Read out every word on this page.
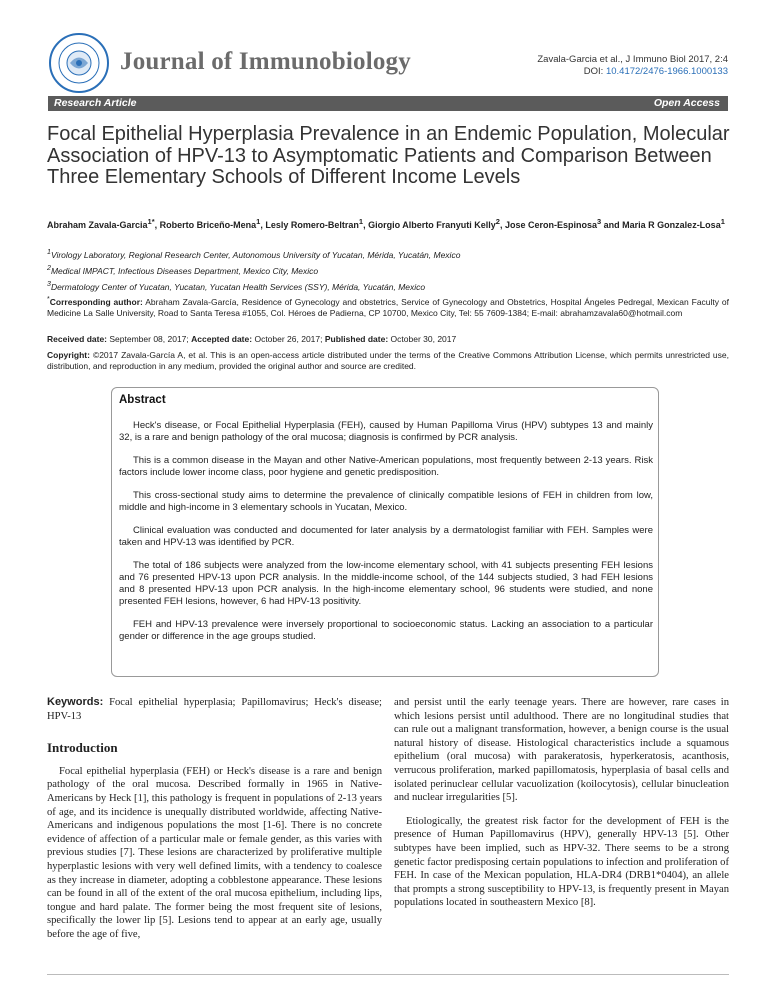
Journal of Immunobiology	Zavala-Garcia et al., J Immuno Biol 2017, 2:4
DOI: 10.4172/2476-1966.1000133
Research Article	Open Access
Focal Epithelial Hyperplasia Prevalence in an Endemic Population, Molecular Association of HPV-13 to Asymptomatic Patients and Comparison Between Three Elementary Schools of Different Income Levels
Abraham Zavala-Garcia$^{1*}$, Roberto Briceño-Mena$^1$, Lesly Romero-Beltran$^1$, Giorgio Alberto Franyuti Kelly$^2$, Jose Ceron-Espinosa$^3$ and Maria R Gonzalez-Losa$^1$
$^1$Virology Laboratory, Regional Research Center, Autonomous University of Yucatan, Mérida, Yucatán, Mexico
$^2$Medical IMPACT, Infectious Diseases Department, Mexico City, Mexico
$^3$Dermatology Center of Yucatan, Yucatan, Yucatan Health Services (SSY), Mérida, Yucatán, Mexico
*Corresponding author: Abraham Zavala-García, Residence of Gynecology and obstetrics, Service of Gynecology and Obstetrics, Hospital Ángeles Pedregal, Mexican Faculty of Medicine La Salle University, Road to Santa Teresa #1055, Col. Héroes de Padierna, CP 10700, Mexico City, Tel: 55 7609-1384; E-mail: abrahamzavala60@hotmail.com
Received date: September 08, 2017; Accepted date: October 26, 2017; Published date: October 30, 2017
Copyright: ©2017 Zavala-García A, et al. This is an open-access article distributed under the terms of the Creative Commons Attribution License, which permits unrestricted use, distribution, and reproduction in any medium, provided the original author and source are credited.
Abstract

Heck's disease, or Focal Epithelial Hyperplasia (FEH), caused by Human Papilloma Virus (HPV) subtypes 13 and mainly 32, is a rare and benign pathology of the oral mucosa; diagnosis is confirmed by PCR analysis.

This is a common disease in the Mayan and other Native-American populations, most frequently between 2-13 years. Risk factors include lower income class, poor hygiene and genetic predisposition.

This cross-sectional study aims to determine the prevalence of clinically compatible lesions of FEH in children from low, middle and high-income in 3 elementary schools in Yucatan, Mexico.

Clinical evaluation was conducted and documented for later analysis by a dermatologist familiar with FEH. Samples were taken and HPV-13 was identified by PCR.

The total of 186 subjects were analyzed from the low-income elementary school, with 41 subjects presenting FEH lesions and 76 presented HPV-13 upon PCR analysis. In the middle-income school, of the 144 subjects studied, 3 had FEH lesions and 8 presented HPV-13 upon PCR analysis. In the high-income elementary school, 96 students were studied, and none presented FEH lesions, however, 6 had HPV-13 positivity.

FEH and HPV-13 prevalence were inversely proportional to socioeconomic status. Lacking an association to a particular gender or difference in the age groups studied.

Keywords: Focal epithelial hyperplasia; Papillomavirus; Heck's disease; HPV-13

Introduction

Focal epithelial hyperplasia (FEH) or Heck's disease is a rare and benign pathology of the oral mucosa. Described formally in 1965 in Native-Americans by Heck [1], this pathology is frequent in populations of 2-13 years of age, and its incidence is unequally distributed worldwide, affecting Native-Americans and indigenous populations the most [1-6]. There is no concrete evidence of affection of a particular male or female gender, as this varies with previous studies [7]. These lesions are characterized by proliferative multiple hyperplastic lesions with very well defined limits, with a tendency to coalesce as they increase in diameter, adopting a cobblestone appearance. These lesions can be found in all of the extent of the oral mucosa epithelium, including lips, tongue and hard palate. The former being the most frequent site of lesions, specifically the lower lip [5]. Lesions tend to appear at an early age, usually before the age of five,

and persist until the early teenage years. There are however, rare cases in which lesions persist until adulthood. There are no longitudinal studies that can rule out a malignant transformation, however, a benign course is the usual natural history of disease. Histological characteristics include a squamous epithelium (oral mucosa) with parakeratosis, hyperkeratosis, acanthosis, verrucous proliferation, marked papillomatosis, hyperplasia of basal cells and isolated perinuclear cellular vacuolization (koilocytosis), cellular binucleation and nuclear irregularities [5].

Etiologically, the greatest risk factor for the development of FEH is the presence of Human Papillomavirus (HPV), generally HPV-13 [5]. Other subtypes have been implied, such as HPV-32. There seems to be a strong genetic factor predisposing certain populations to infection and proliferation of FEH. In case of the Mexican population, HLA-DR4 (DRB1*0404), an allele that prompts a strong susceptibility to HPV-13, is frequently present in Mayan populations located in southeastern Mexico [8].
